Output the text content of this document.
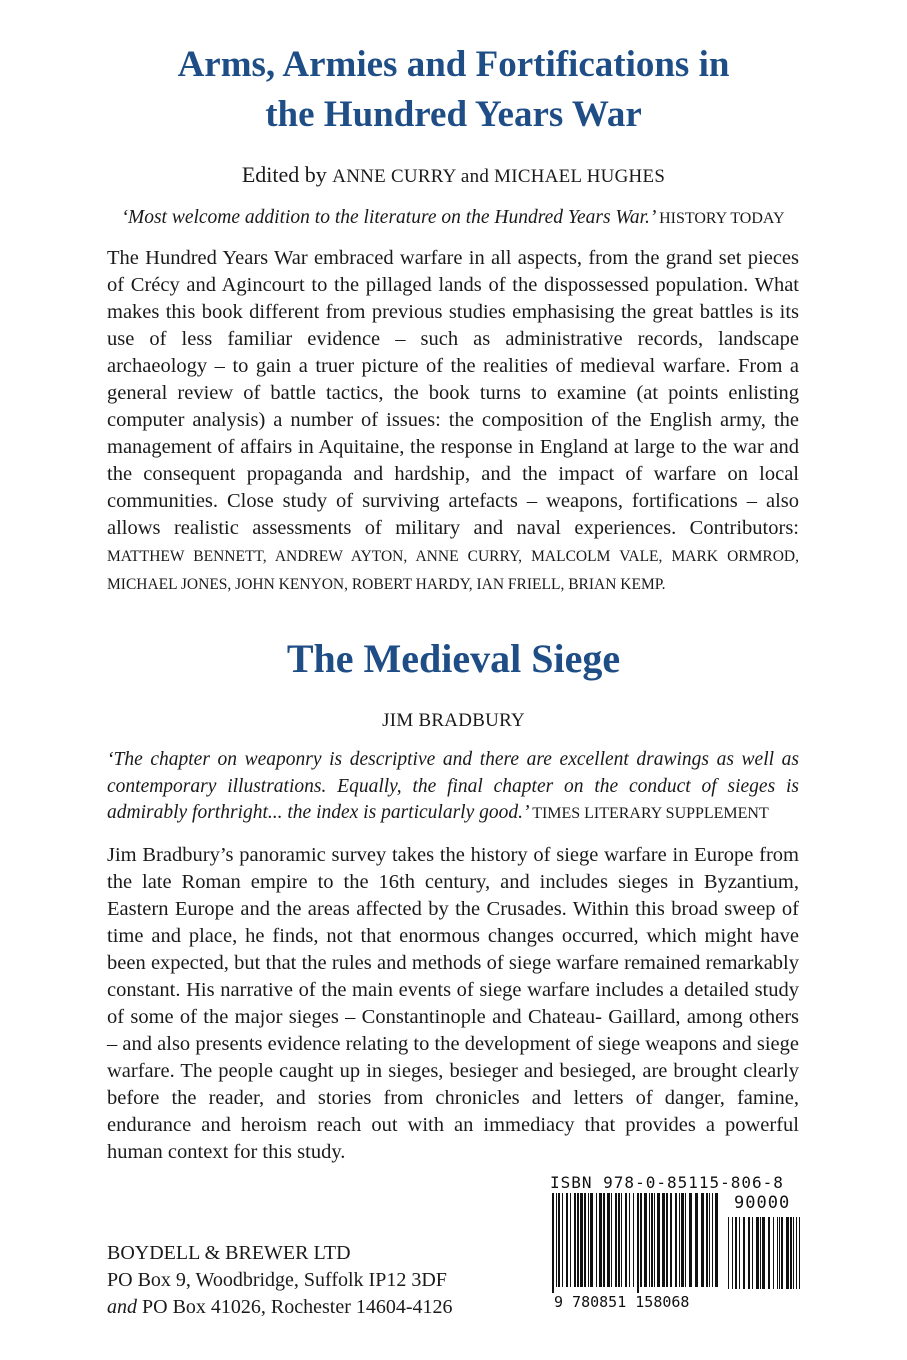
Arms, Armies and Fortifications in
the Hundred Years War

Edited by ANNE CURRY and MICHAEL HUGHES

‘Most welcome addition to the literature on the Hundred Years War.’ HISTORY TODAY

The Hundred Years War embraced warfare in all aspects, from the grand set pieces of Crécy and Agincourt to the pillaged lands of the dispossessed population. What makes this book different from previous studies emphasising the great battles is its use of less familiar evidence – such as administrative records, landscape archaeology – to gain a truer picture of the realities of medieval warfare. From a general review of battle tactics, the book turns to examine (at points enlisting computer analysis) a number of issues: the composition of the English army, the management of affairs in Aquitaine, the response in England at large to the war and the consequent propaganda and hardship, and the impact of warfare on local communities. Close study of surviving artefacts – weapons, fortifications – also allows realistic assessments of military and naval experiences. Contributors: MATTHEW BENNETT, ANDREW AYTON, ANNE CURRY, MALCOLM VALE, MARK ORMROD, MICHAEL JONES, JOHN KENYON, ROBERT HARDY, IAN FRIELL, BRIAN KEMP.

The Medieval Siege

JIM BRADBURY

‘The chapter on weaponry is descriptive and there are excellent drawings as well as contemporary illustrations. Equally, the final chapter on the conduct of sieges is admirably forthright... the index is particularly good.’ TIMES LITERARY SUPPLEMENT

Jim Bradbury’s panoramic survey takes the history of siege warfare in Europe from the late Roman empire to the 16th century, and includes sieges in Byzantium, Eastern Europe and the areas affected by the Crusades. Within this broad sweep of time and place, he finds, not that enormous changes occurred, which might have been expected, but that the rules and methods of siege warfare remained remarkably constant. His narrative of the main events of siege warfare includes a detailed study of some of the major sieges – Constantinople and Chateau- Gaillard, among others – and also presents evidence relating to the development of siege weapons and siege warfare. The people caught up in sieges, besieger and besieged, are brought clearly before the reader, and stories from chronicles and letters of danger, famine, endurance and heroism reach out with an immediacy that provides a powerful human context for this study.

BOYDELL & BREWER LTD
PO Box 9, Woodbridge, Suffolk IP12 3DF
and PO Box 41026, Rochester 14604-4126
ISBN 978-0-85115-806-8
90000
9 780851 158068
